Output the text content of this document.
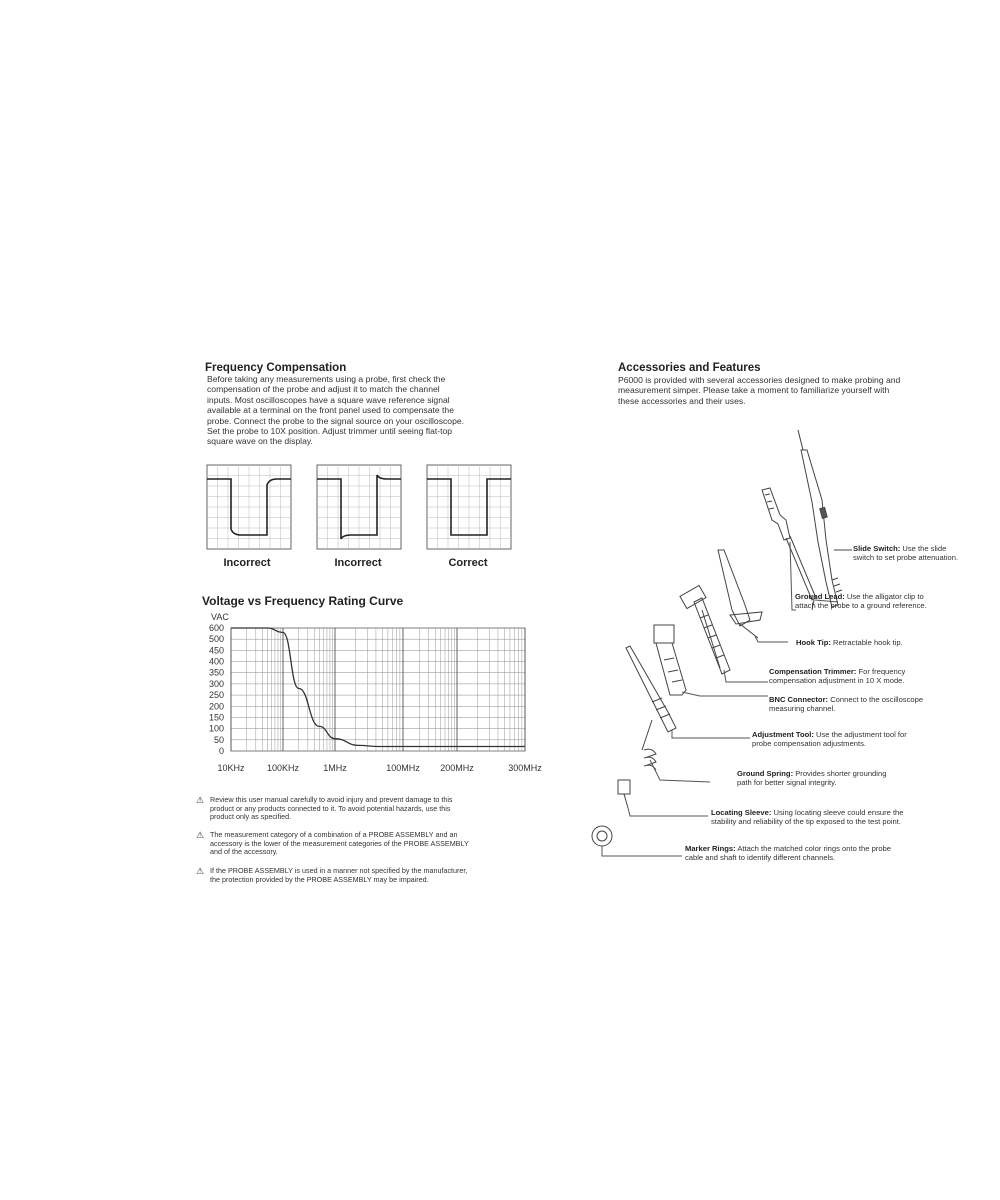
Frequency Compensation
Before taking any measurements using a probe, first check the
compensation of the probe and adjust it to match the channel
inputs. Most oscilloscopes have a square wave reference signal
available at a terminal on the front panel used to compensate the
probe. Connect the probe to the signal source on your oscilloscope.
Set the probe to 10X position. Adjust trimmer until seeing flat-top
square wave on the display.
Incorrect	Incorrect	Correct
Voltage vs Frequency Rating Curve
0
50
100
150
200
250
300
350
400
450
500
600
10KHz 100KHz	1MHz	100MHz 200MHz	300MHz
VAC
⚠ Review this user manual carefully to avoid injury and prevent damage to this
product or any products connected to it. To avoid potential hazards, use this
product only as specified.
⚠ The measurement category of a combination of a PROBE ASSEMBLY and an
accessory is the lower of the measurement categories of the PROBE ASSEMBLY
and of the accessory.
⚠ If the PROBE ASSEMBLY is used in a manner not specified by the manufacturer,
the protection provided by the PROBE ASSEMBLY may be impaired.
Accessories and Features
P6000 is provided with several accessories designed to make probing and
measurement simper. Please take a moment to familiarize yourself with
these accessories and their uses.
Slide Switch: Use the slide
switch to set probe attenuation.
Ground Lead: Use the alligator clip to
attach the probe to a ground reference.
Hook Tip: Retractable hook tip.
Compensation Trimmer: For frequency
compensation adjustment in 10 X mode.
BNC Connector: Connect to the oscilloscope
measuring channel.
Adjustment Tool: Use the adjustment tool for
probe compensation adjustments.
Ground Spring: Provides shorter grounding
path for better signal integrity.
Locating Sleeve: Using locating sleeve could ensure the
stability and reliability of the tip exposed to the test point.
Marker Rings: Attach the matched color rings onto the probe
cable and shaft to identify different channels.
